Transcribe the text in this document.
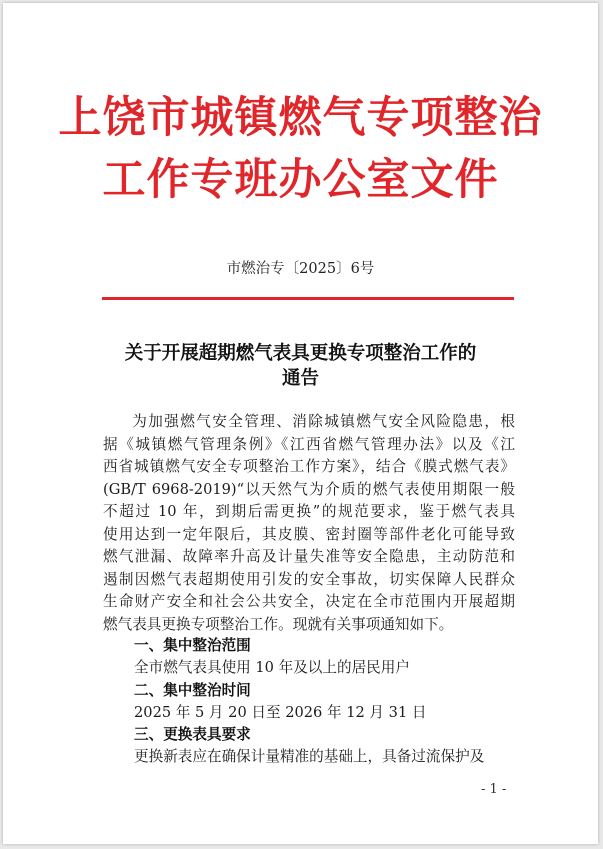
上饶市城镇燃气专项整治
工作专班办公室文件
市燃治专〔2025〕6号
关于开展超期燃气表具更换专项整治工作的
通告
为加强燃气安全管理、消除城镇燃气安全风险隐患，根
据《城镇燃气管理条例》《江西省燃气管理办法》以及《江
西省城镇燃气安全专项整治工作方案》，结合《膜式燃气表》
(GB/T 6968-2019)“以天然气为介质的燃气表使用期限一般
不超过 10 年，到期后需更换”的规范要求，鉴于燃气表具
使用达到一定年限后，其皮膜、密封圈等部件老化可能导致
燃气泄漏、故障率升高及计量失准等安全隐患，主动防范和
遏制因燃气表超期使用引发的安全事故，切实保障人民群众
生命财产安全和社会公共安全，决定在全市范围内开展超期
燃气表具更换专项整治工作。现就有关事项通知如下。
一、集中整治范围
全市燃气表具使用 10 年及以上的居民用户
二、集中整治时间
2025 年 5 月 20 日至 2026 年 12 月 31 日
三、更换表具要求
更换新表应在确保计量精准的基础上，具备过流保护及
- 1 -
